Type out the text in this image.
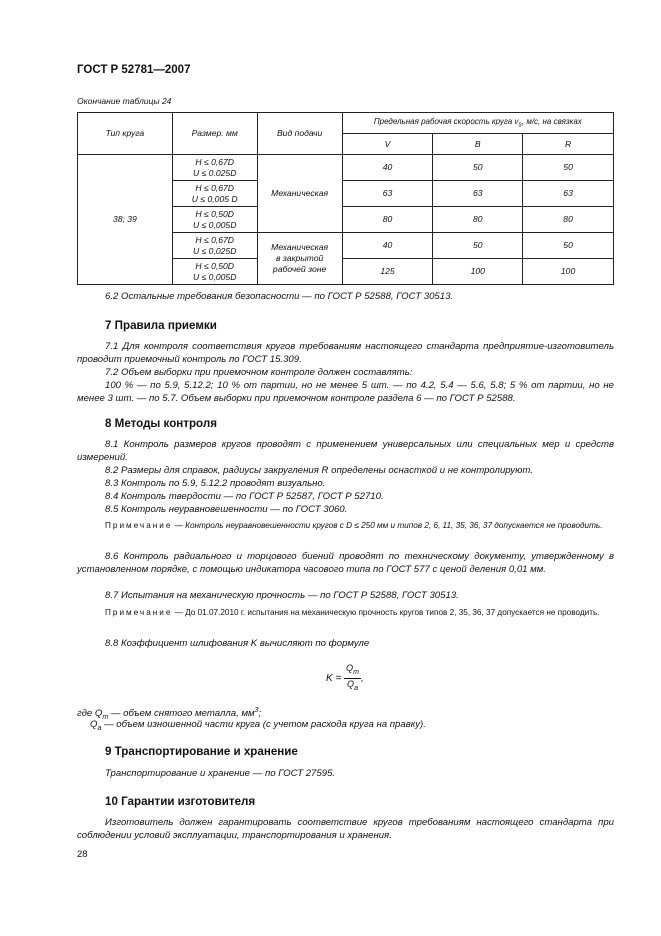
ГОСТ Р 52781—2007
Окончание таблицы 24
Тип круга	Размер. мм	Вид подачи	Предельная рабочая скорость круга vs, м/с, на связках		
			V	B	R
38; 39	H ≤ 0,67D
U ≤ 0.025D	Механическая	40	50	50
	H ≤ 0,67D
U ≤ 0,005 D		63	63	63
	H ≤ 0,50D
U ≤ 0,005D		80	80	80
	H ≤ 0,67D
U ≤ 0,025D	Механическая в закрытой рабочей зоне	40	50	50
	H ≤ 0,50D
U ≤ 0,005D		125	100	100
6.2 Остальные требования безопасности — по ГОСТ Р 52588, ГОСТ 30513.
7 Правила приемки
7.1 Для контроля соответствия кругов требованиям настоящего стандарта предприятие-изготовитель проводит приемочный контроль по ГОСТ 15.309.
7.2 Объем выборки при приемочном контроле должен составлять:
100 % — по 5.9, 5.12.2; 10 % от партии, но не менее 5 шт. — по 4.2, 5.4 — 5.6, 5.8; 5 % от партии, но не менее 3 шт. — по 5.7. Объем выборки при приемочном контроле раздела 6 — по ГОСТ Р 52588.
8 Методы контроля
8.1 Контроль размеров кругов проводят с применением универсальных или специальных мер и средств измерений.
8.2 Размеры для справок, радиусы закругления R определены оснасткой и не контролируют.
8.3 Контроль по 5.9, 5.12.2 проводят визуально.
8.4 Контроль твердости — по ГОСТ Р 52587, ГОСТ Р 52710.
8.5 Контроль неуравновешенности — по ГОСТ 3060.
Примечание — Контроль неуравновешенности кругов с D ≤ 250 мм и типов 2, 6, 11, 35, 36, 37 допускается не проводить.
8.6 Контроль радиального и торцового биений проводят по техническому документу, утвержденному в установленном порядке, с помощью индикатора часового типа по ГОСТ 577 с ценой деления 0,01 мм.
8.7 Испытания на механическую прочность — по ГОСТ Р 52588, ГОСТ 30513.
Примечание — До 01.07.2010 г. испытания на механическую прочность кругов типов 2, 35, 36, 37 допускается не проводить.
8.8 Коэффициент шлифования K вычисляют по формуле
$K = \frac{Q_m}{Q_a}$ ,
где $Q_m$ — объем снятого металла, $мм^3$;
$Q_a$ — объем изношенной части круга (с учетом расхода круга на правку).
9 Транспортирование и хранение
Транспортирование и хранение — по ГОСТ 27595.
10 Гарантии изготовителя
Изготовитель должен гарантировать соответствие кругов требованиям настоящего стандарта при соблюдении условий эксплуатации, транспортирования и хранения.
28
